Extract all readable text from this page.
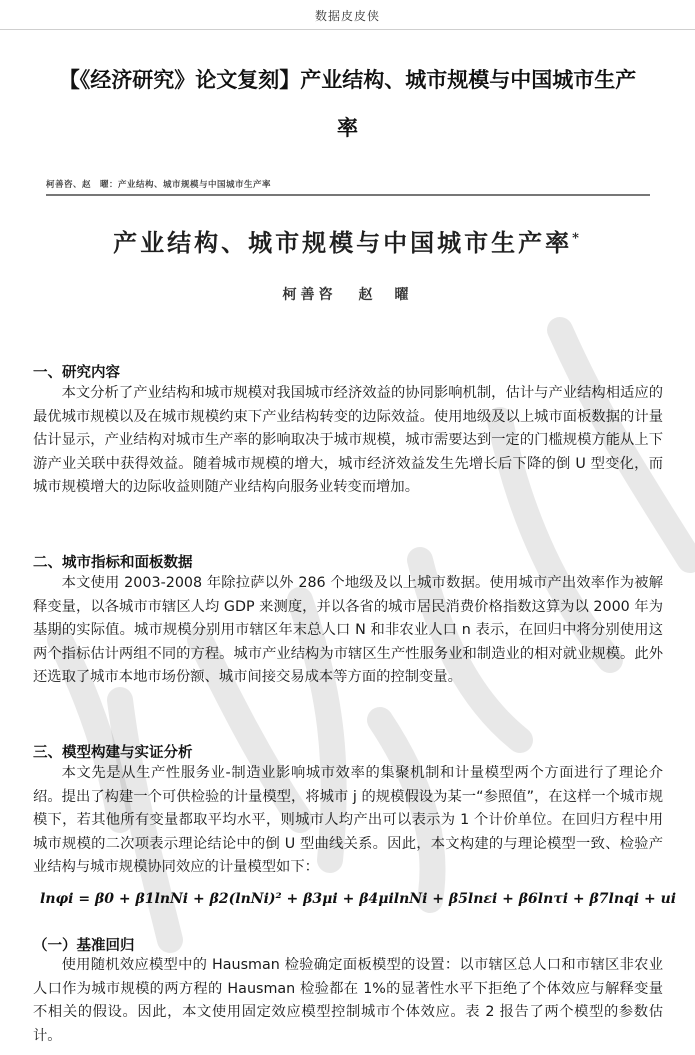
数据皮皮侠
【《经济研究》论文复刻】产业结构、城市规模与中国城市生产
率
柯善咨、赵　曜：产业结构、城市规模与中国城市生产率
产业结构、城市规模与中国城市生产率*
柯善咨 赵　曜
一、研究内容
本文分析了产业结构和城市规模对我国城市经济效益的协同影响机制，估计与产业结构相适应的最优城市规模以及在城市规模约束下产业结构转变的边际效益。使用地级及以上城市面板数据的计量估计显示，产业结构对城市生产率的影响取决于城市规模，城市需要达到一定的门槛规模方能从上下游产业关联中获得效益。随着城市规模的增大，城市经济效益发生先增长后下降的倒 U 型变化，而城市规模增大的边际收益则随产业结构向服务业转变而增加。
二、城市指标和面板数据
本文使用 2003-2008 年除拉萨以外 286 个地级及以上城市数据。使用城市产出效率作为被解释变量，以各城市市辖区人均 GDP 来测度，并以各省的城市居民消费价格指数这算为以 2000 年为基期的实际值。城市规模分别用市辖区年末总人口 N 和非农业人口 n 表示，在回归中将分别使用这两个指标估计两组不同的方程。城市产业结构为市辖区生产性服务业和制造业的相对就业规模。此外还选取了城市本地市场份额、城市间接交易成本等方面的控制变量。
三、模型构建与实证分析
本文先是从生产性服务业-制造业影响城市效率的集聚机制和计量模型两个方面进行了理论介绍。提出了构建一个可供检验的计量模型，将城市 j 的规模假设为某一“参照值”，在这样一个城市规模下，若其他所有变量都取平均水平，则城市人均产出可以表示为 1 个计价单位。在回归方程中用城市规模的二次项表示理论结论中的倒 U 型曲线关系。因此，本文构建的与理论模型一致、检验产业结构与城市规模协同效应的计量模型如下：
lnφi = β0 + β1lnNi + β2(lnNi)² + β3μi + β4μilnNi + β5lnεi + β6lnτi + β7lnqi + ui
（一）基准回归
使用随机效应模型中的 Hausman 检验确定面板模型的设置：以市辖区总人口和市辖区非农业人口作为城市规模的两方程的 Hausman 检验都在 1%的显著性水平下拒绝了个体效应与解释变量不相关的假设。因此，本文使用固定效应模型控制城市个体效应。表 2 报告了两个模型的参数估计。
